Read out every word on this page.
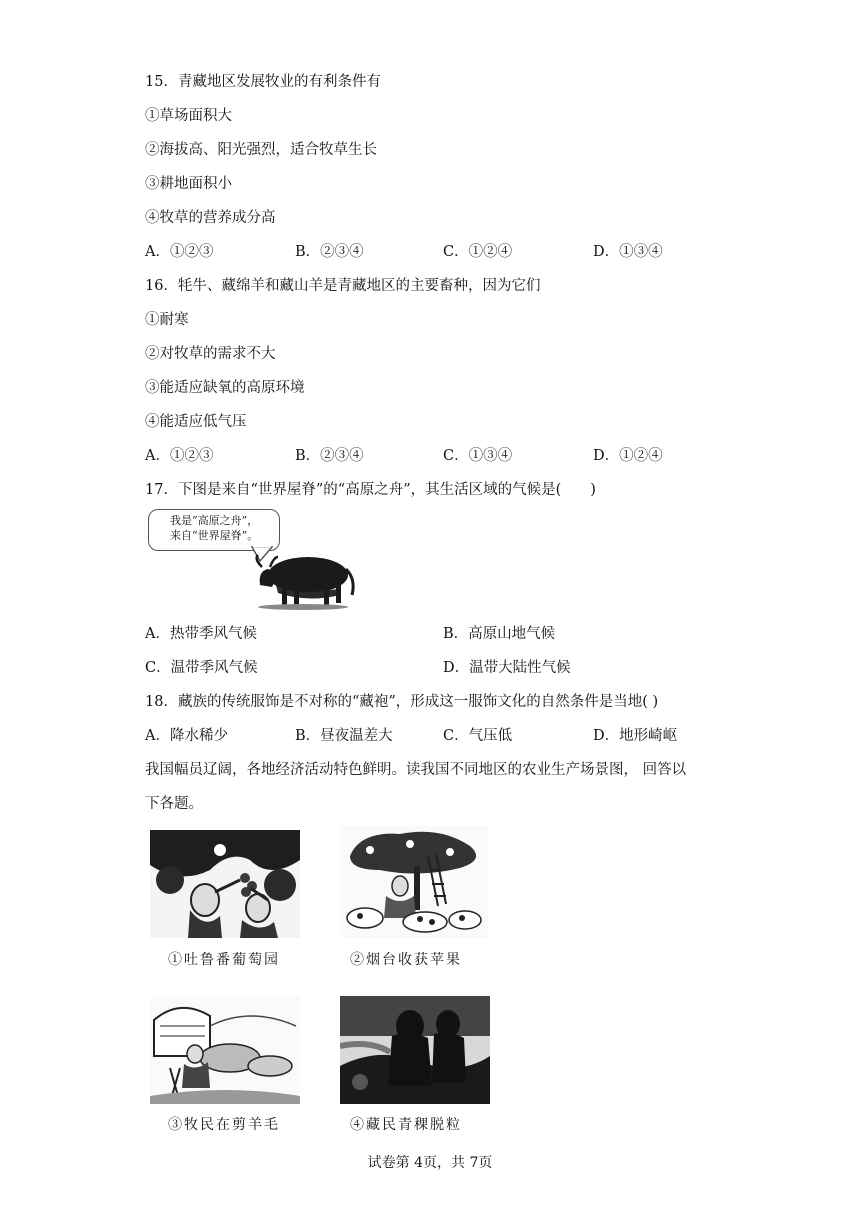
15．青藏地区发展牧业的有利条件有
①草场面积大
②海拔高、阳光强烈，适合牧草生长
③耕地面积小
④牧草的营养成分高
A．①②③	B．②③④	C．①②④	D．①③④
16．牦牛、藏绵羊和藏山羊是青藏地区的主要畜种，因为它们
①耐寒
②对牧草的需求不大
③能适应缺氧的高原环境
④能适应低气压
A．①②③	B．②③④	C．①③④	D．①②④
17．下图是来自“世界屋脊”的“高原之舟”，其生活区域的气候是(　　)
我是“高原之舟”，
来自“世界屋脊”。
A．热带季风气候	B．高原山地气候
C．温带季风气候	D．温带大陆性气候
18．藏族的传统服饰是不对称的“藏袍”，形成这一服饰文化的自然条件是当地( )
A．降水稀少	B．昼夜温差大	C．气压低	D．地形崎岖
我国幅员辽阔，各地经济活动特色鲜明。读我国不同地区的农业生产场景图， 回答以
下各题。
①吐鲁番葡萄园	②烟台收获苹果
③牧民在剪羊毛	④藏民青稞脱粒
试卷第 4页，共 7页
